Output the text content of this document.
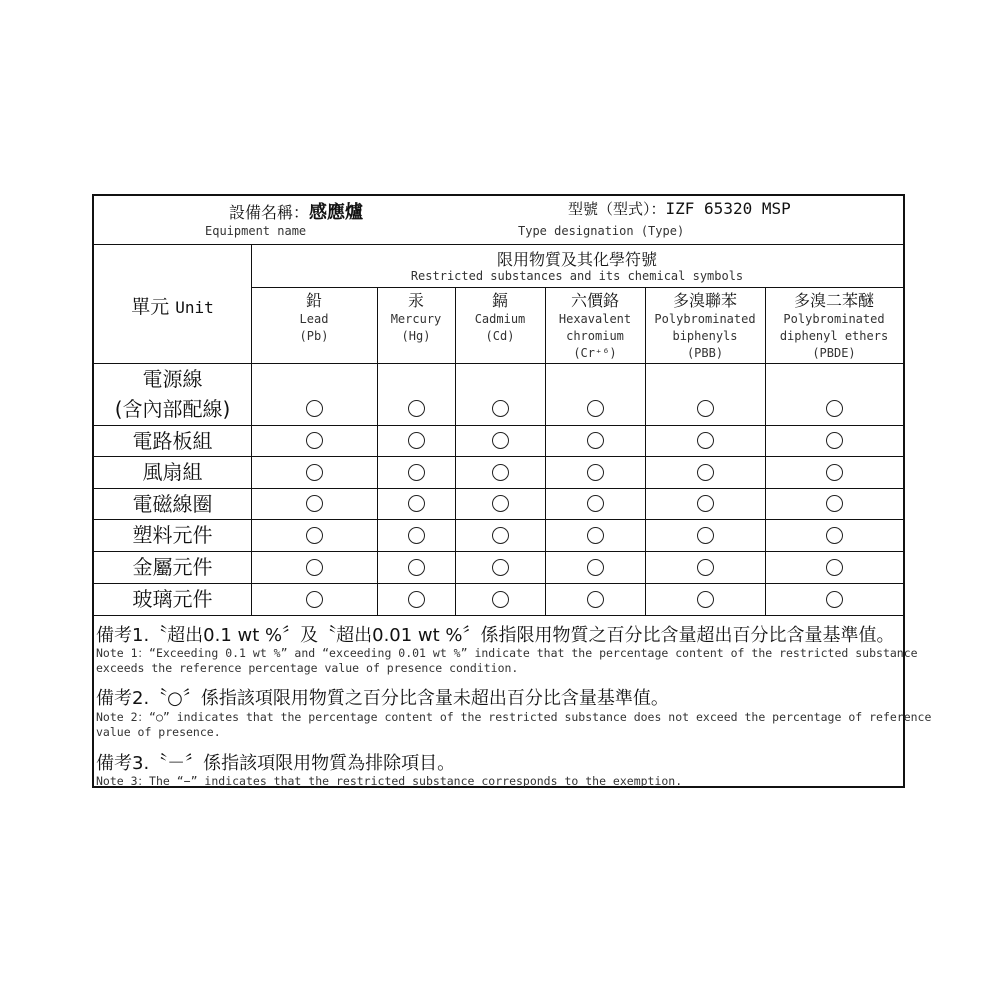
設備名稱：感應爐
Equipment name
型號（型式）：IZF 65320 MSP
Type designation (Type)
單元 Unit
限用物質及其化學符號
Restricted substances and its chemical symbols
鉛
Lead
(Pb)
汞
Mercury
(Hg)
鎘
Cadmium
(Cd)
六價鉻
Hexavalent
chromium
(Cr⁺⁶)
多溴聯苯
Polybrominated
biphenyls
(PBB)
多溴二苯醚
Polybrominated
diphenyl ethers
(PBDE)
電源線
(含內部配線)
電路板組
風扇組
電磁線圈
塑料元件
金屬元件
玻璃元件
備考1.〝超出0.1 wt %〞及〝超出0.01 wt %〞係指限用物質之百分比含量超出百分比含量基準值。
Note 1：“Exceeding 0.1 wt %” and “exceeding 0.01 wt %” indicate that the percentage content of the restricted substance
exceeds the reference percentage value of presence condition.
備考2.〝○〞係指該項限用物質之百分比含量未超出百分比含量基準值。
Note 2：“○” indicates that the percentage content of the restricted substance does not exceed the percentage of reference
value of presence.
備考3.〝－〞係指該項限用物質為排除項目。
Note 3：The “−” indicates that the restricted substance corresponds to the exemption.
